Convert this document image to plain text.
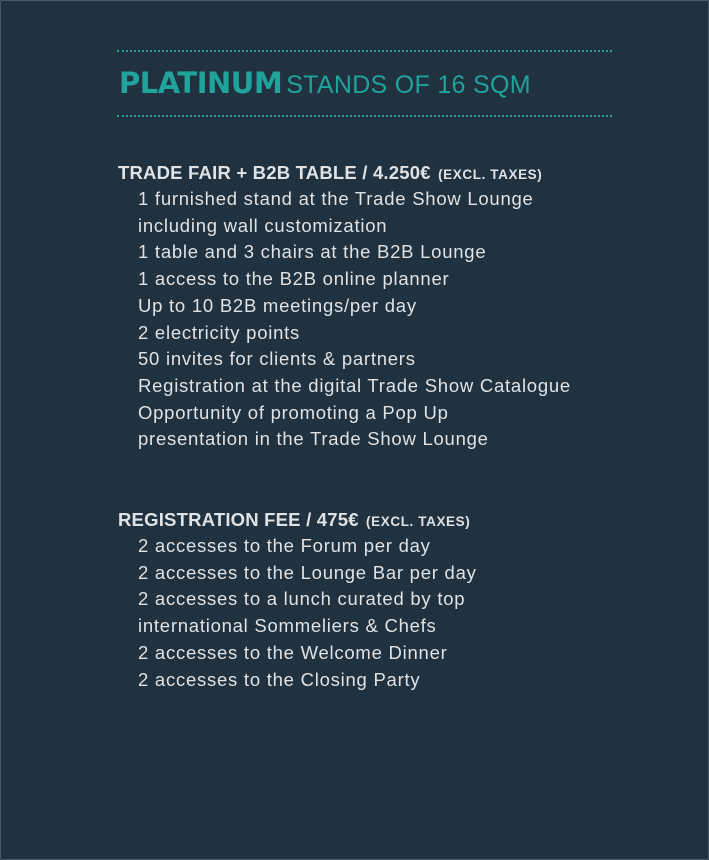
PLATINUM STANDS OF 16 SQM
TRADE FAIR + B2B TABLE / 4.250€ (EXCL. TAXES)
1 furnished stand at the Trade Show Lounge
including wall customization
1 table and 3 chairs at the B2B Lounge
1 access to the B2B online planner
Up to 10 B2B meetings/per day
2 electricity points
50 invites for clients & partners
Registration at the digital Trade Show Catalogue
Opportunity of promoting a Pop Up
presentation in the Trade Show Lounge
REGISTRATION FEE / 475€ (EXCL. TAXES)
2 accesses to the Forum per day
2 accesses to the Lounge Bar per day
2 accesses to a lunch curated by top
international Sommeliers & Chefs
2 accesses to the Welcome Dinner
2 accesses to the Closing Party
